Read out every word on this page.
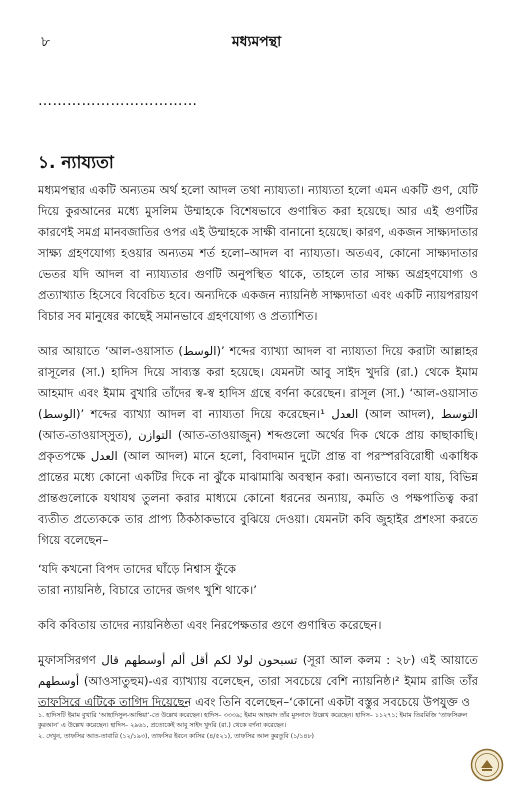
৮	মধ্যমপন্থা
……………………………
১. ন্যায্যতা

মধ্যমপন্থার একটি অন্যতম অর্থ হলো আদল তথা ন্যায্যতা। ন্যায্যতা হলো এমন একটি গুণ, যেটি দিয়ে কুরআনের মধ্যে মুসলিম উম্মাহকে বিশেষভাবে গুণান্বিত করা হয়েছে। আর এই গুণটির কারণেই সমগ্র মানবজাতির ওপর এই উম্মাহকে সাক্ষী বানানো হয়েছে। কারণ, একজন সাক্ষ্যদাতার সাক্ষ্য গ্রহণযোগ্য হওয়ার অন্যতম শর্ত হলো–আদল বা ন্যায্যতা। অতএব, কোনো সাক্ষ্যদাতার ভেতর যদি আদল বা ন্যায্যতার গুণটি অনুপস্থিত থাকে, তাহলে তার সাক্ষ্য অগ্রহণযোগ্য ও প্রত্যাখ্যাত হিসেবে বিবেচিত হবে। অন্যদিকে একজন ন্যায়নিষ্ঠ সাক্ষ্যদাতা এবং একটি ন্যায়পরায়ণ বিচার সব মানুষের কাছেই সমানভাবে গ্রহণযোগ্য ও প্রত্যাশিত।

আর আয়াতে ‘আল-ওয়াসাত (الوسط)’ শব্দের ব্যাখ্যা আদল বা ন্যায্যতা দিয়ে করাটা আল্লাহর রাসূলের (সা.) হাদিস দিয়ে সাব্যস্ত করা হয়েছে। যেমনটা আবু সাইদ খুদরি (রা.) থেকে ইমাম আহমাদ এবং ইমাম বুখারি তাঁদের স্ব-স্ব হাদিস গ্রন্থে বর্ণনা করেছেন। রাসূল (সা.) ‘আল-ওয়াসাত (الوسط)’ শব্দের ব্যাখ্যা আদল বা ন্যায্যতা দিয়ে করেছেন।¹ العدل (আল আদল), التوسط (আত-তাওয়াস্সুত), التوازن (আত-তাওয়াজুন) শব্দগুলো অর্থের দিক থেকে প্রায় কাছাকাছি। প্রকৃতপক্ষে العدل (আল আদল) মানে হলো, বিবাদমান দুটো প্রান্ত বা পরস্পরবিরোধী একাধিক প্রান্তের মধ্যে কোনো একটির দিকে না ঝুঁকে মাঝামাঝি অবস্থান করা। অন্যভাবে বলা যায়, বিভিন্ন প্রান্তগুলোকে যথাযথ তুলনা করার মাধ্যমে কোনো ধরনের অন্যায়, কমতি ও পক্ষপাতিত্ব করা ব্যতীত প্রত্যেককে তার প্রাপ্য ঠিকঠাকভাবে বুঝিয়ে দেওয়া। যেমনটা কবি জুহাইর প্রশংসা করতে গিয়ে বলেছেন–

‘যদি কখনো বিপদ তাদের ঘাঁড়ে নিশ্বাস ফুঁকে
তারা ন্যায়নিষ্ঠ, বিচারে তাদের জগৎ খুশি থাকে।’

কবি কবিতায় তাদের ন্যায়নিষ্ঠতা এবং নিরপেক্ষতার গুণে গুণান্বিত করেছেন।

মুফাসসিরগণ تسبحون لولا لكم أقل ألم أوسطهم قال (সূরা আল কলম : ২৮) এই আয়াতে أوسطهم (আওসাতুহুম)-এর ব্যাখ্যায় বলেছেন, তারা সবচেয়ে বেশি ন্যায়নিষ্ঠ।² ইমাম রাজি তাঁর তাফসিরে এটিকে তাগিদ দিয়েছেন এবং তিনি বলেছেন–‘কোনো একটা বস্তুর সবচেয়ে উপযুক্ত ও

১. হাদিসটি ইমাম বুখারি ‘আহাদিসুল-আম্বিয়া’-তে উল্লেখ করেছেন। হাদিস– ৩৩৩৯; ইমাম আহমাদ তাঁর মুসনাদে উল্লেখ করেছেন। হাদিস– ১১২৭১; ইমাম তিরমিজি ‘তাফসিরুল কুরআন’ এ উল্লেখ করেছেন। হাদিস– ২৯৬১, প্রত্যেকেই আবু সাইদ খুদরি (রা.) থেকে বর্ণনা করেছেন।
২. দেখুন, তাফসির আত-তাবারি (১২/১৯৩), তাফসির ইবনে কাসির (৪/৫২১), তাফসির আল কুরতুবি (১/১৪৮)
